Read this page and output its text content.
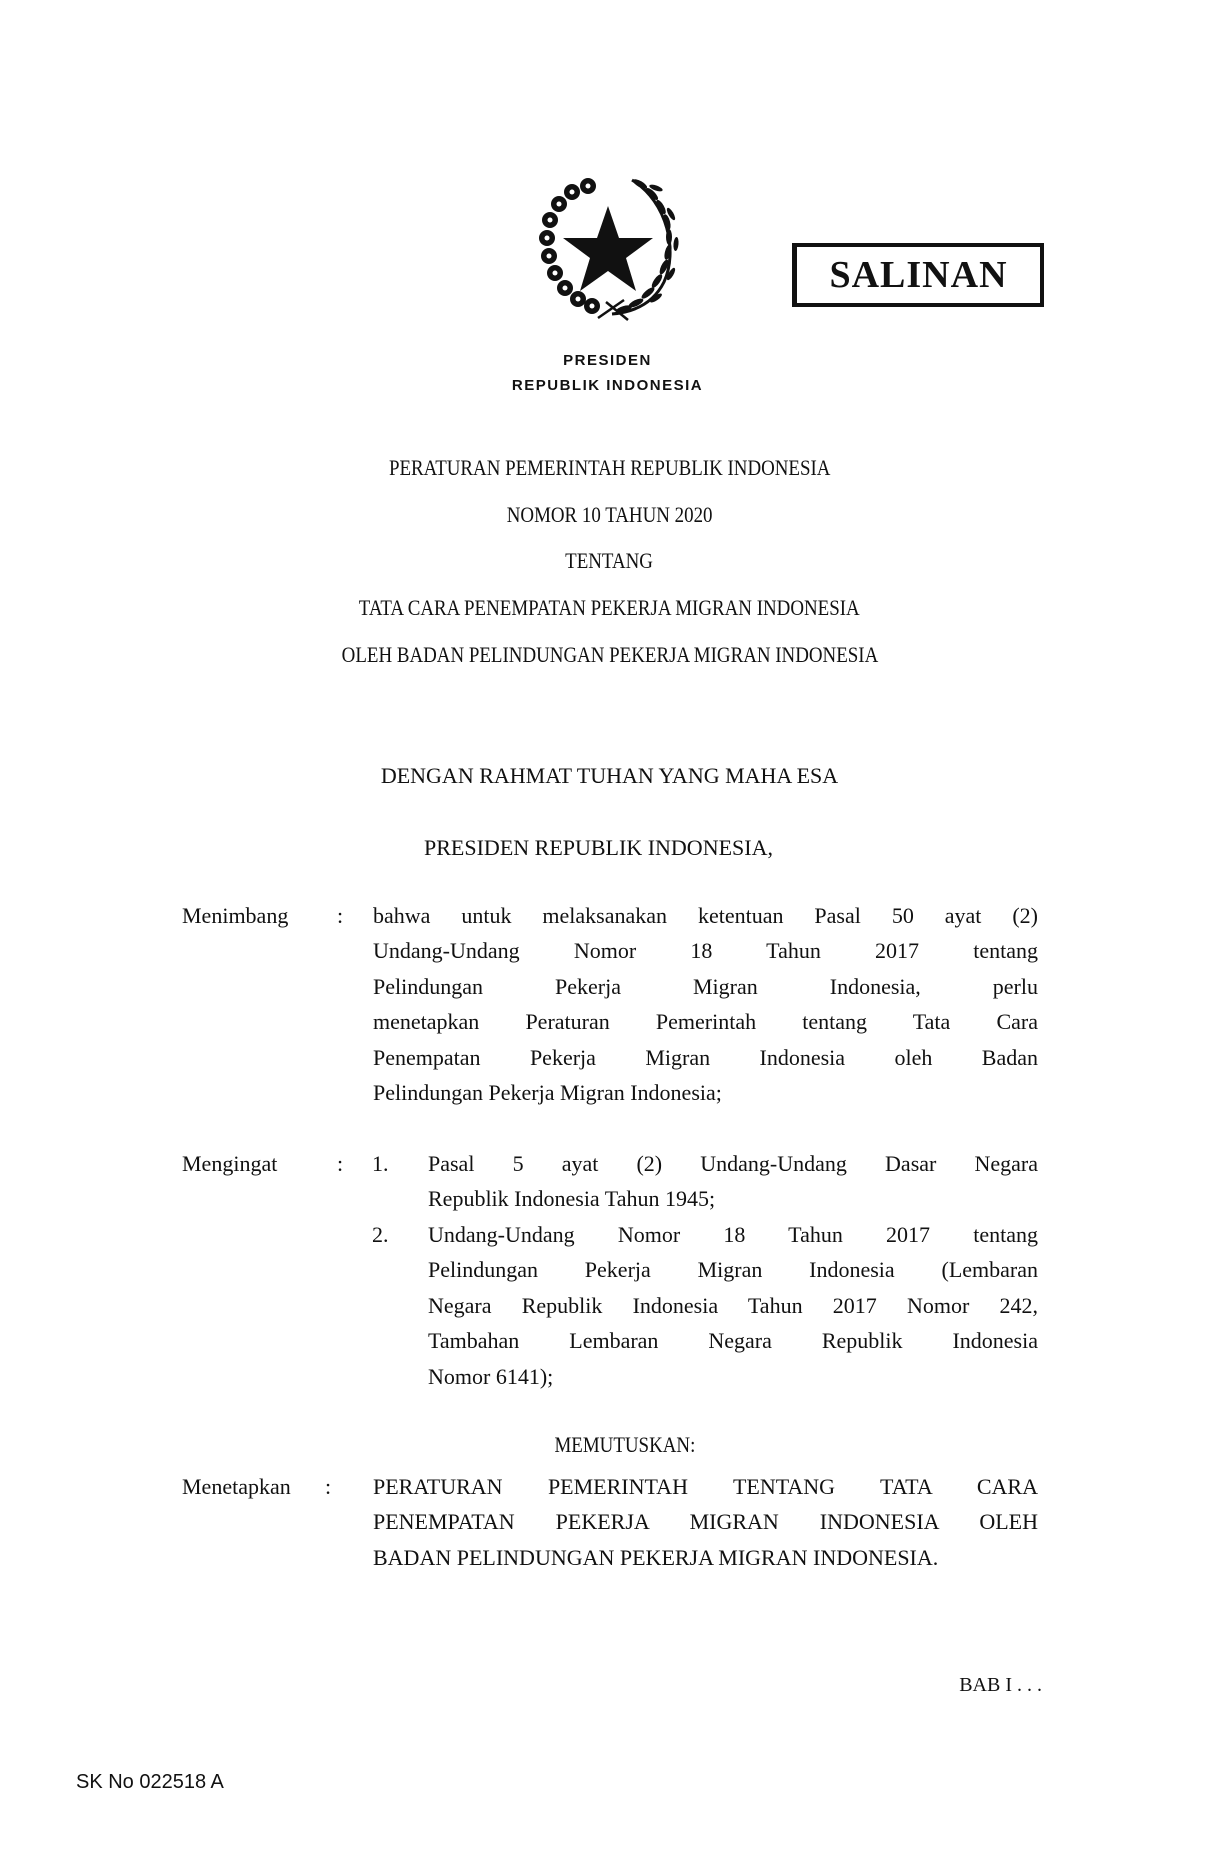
PRESIDEN
REPUBLIK INDONESIA
SALINAN
PERATURAN PEMERINTAH REPUBLIK INDONESIA
NOMOR 10 TAHUN 2020
TENTANG
TATA CARA PENEMPATAN PEKERJA MIGRAN INDONESIA
OLEH BADAN PELINDUNGAN PEKERJA MIGRAN INDONESIA
DENGAN RAHMAT TUHAN YANG MAHA ESA
PRESIDEN REPUBLIK INDONESIA,
Menimbang : bahwa untuk melaksanakan ketentuan Pasal 50 ayat (2)
Undang-Undang Nomor 18 Tahun 2017 tentang
Pelindungan Pekerja Migran Indonesia, perlu
menetapkan Peraturan Pemerintah tentang Tata Cara
Penempatan Pekerja Migran Indonesia oleh Badan
Pelindungan Pekerja Migran Indonesia;
Mengingat	: 1. Pasal 5 ayat (2) Undang-Undang Dasar Negara
Republik Indonesia Tahun 1945;
2. Undang-Undang Nomor 18 Tahun 2017 tentang
Pelindungan Pekerja Migran Indonesia (Lembaran
Negara Republik Indonesia Tahun 2017 Nomor 242,
Tambahan Lembaran Negara Republik Indonesia
Nomor 6141);
MEMUTUSKAN:
Menetapkan : PERATURAN PEMERINTAH TENTANG TATA CARA
PENEMPATAN PEKERJA MIGRAN INDONESIA OLEH
BADAN PELINDUNGAN PEKERJA MIGRAN INDONESIA.
BAB I . . .
SK No 022518 A
